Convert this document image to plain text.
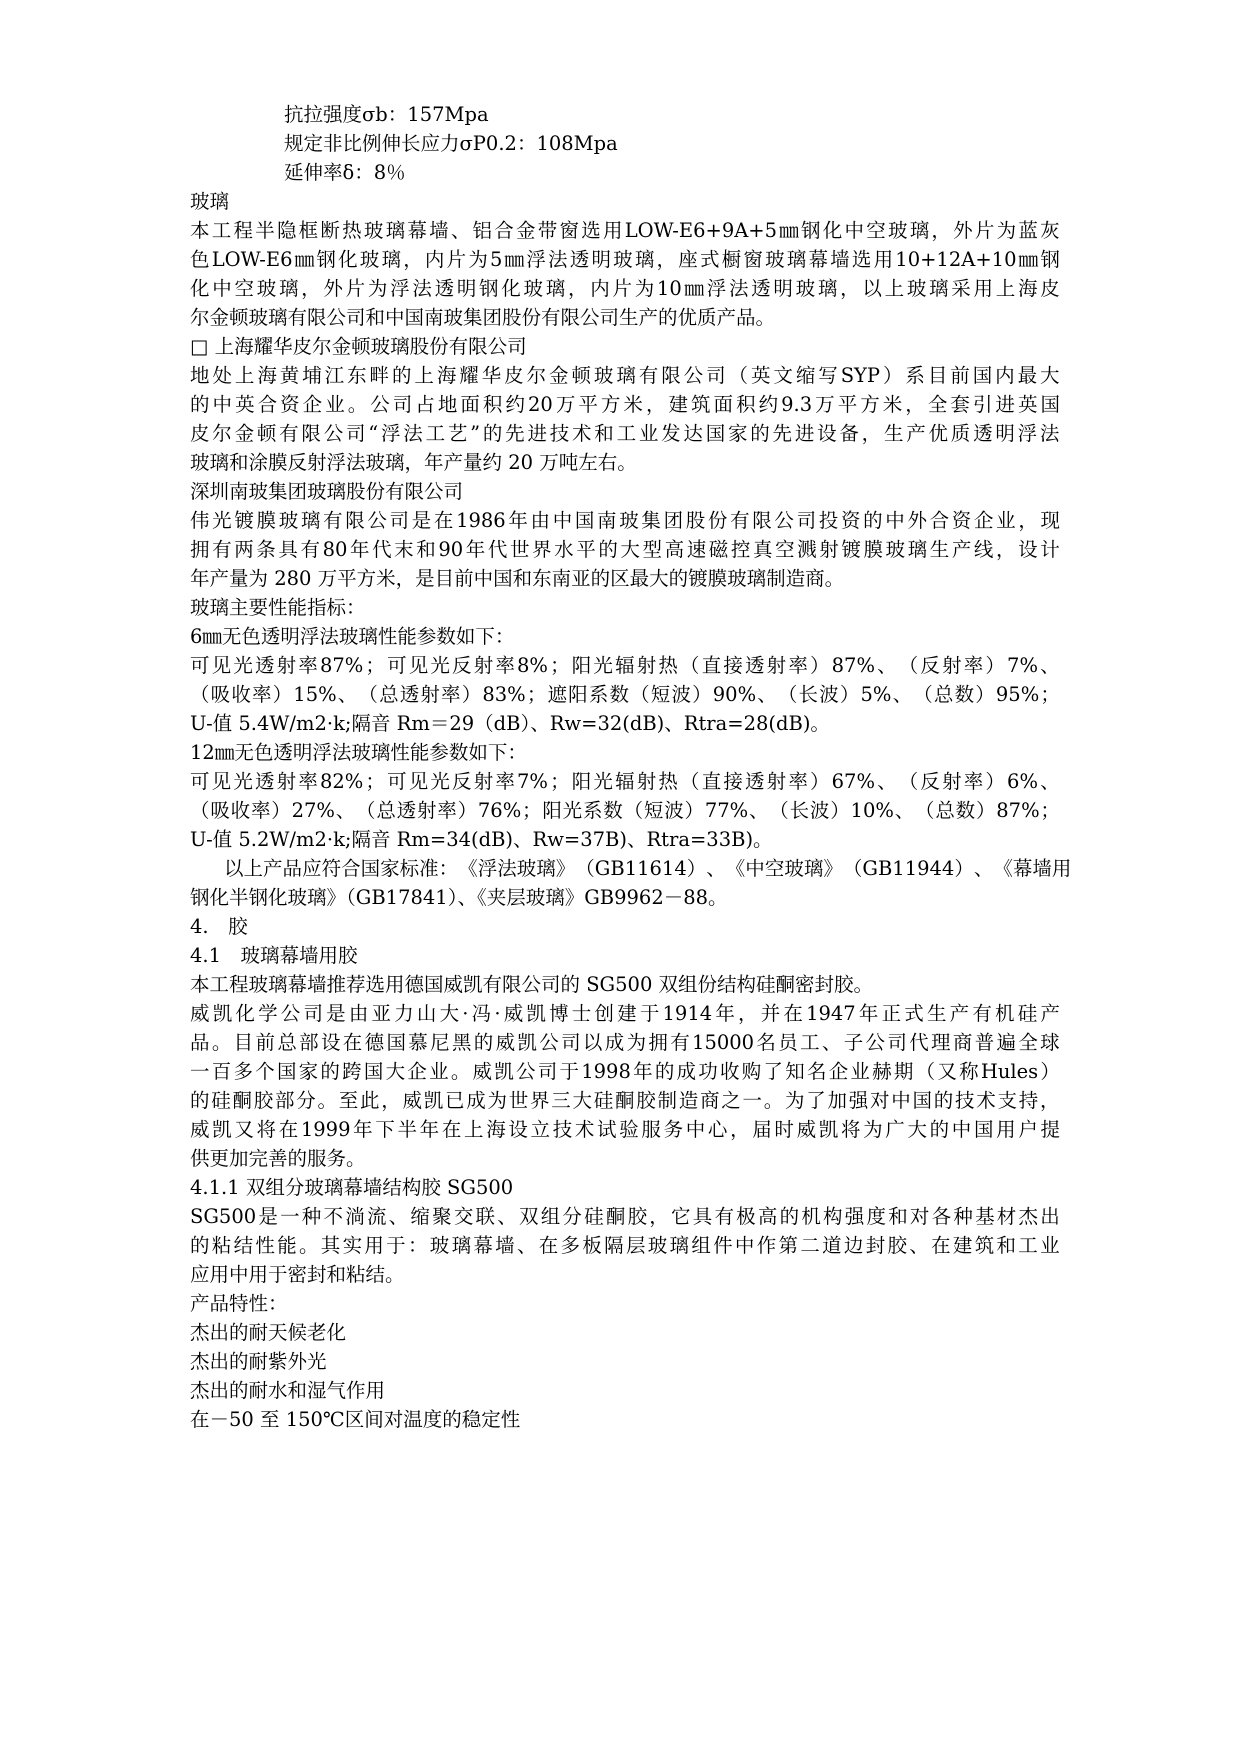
抗拉强度σb：157Mpa
规定非比例伸长应力σP0.2：108Mpa
延伸率δ：8％
玻璃
本 工 程 半 隐 框 断 热 玻 璃 幕 墙 、 铝 合 金 带 窗 选 用 LOW-E6+9A+5 ㎜ 钢 化 中 空 玻 璃 ， 外 片 为 蓝 灰
色 LOW-E6 ㎜ 钢 化 玻 璃 ， 内 片 为 5 ㎜ 浮 法 透 明 玻 璃 ， 座 式 橱 窗 玻 璃 幕 墙 选 用 10+12A+10 ㎜ 钢
化 中 空 玻 璃 ， 外 片 为 浮 法 透 明 钢 化 玻 璃 ， 内 片 为 10 ㎜ 浮 法 透 明 玻 璃 ， 以 上 玻 璃 采 用 上 海 皮
尔金顿玻璃有限公司和中国南玻集团股份有限公司生产的优质产品。
□ 上海耀华皮尔金顿玻璃股份有限公司
地 处 上 海 黄 埔 江 东 畔 的 上 海 耀 华 皮 尔 金 顿 玻 璃 有 限 公 司 （ 英 文 缩 写 SYP ） 系 目 前 国 内 最 大
的 中 英 合 资 企 业 。 公 司 占 地 面 积 约 20 万 平 方 米 ， 建 筑 面 积 约 9.3 万 平 方 米 ， 全 套 引 进 英 国
皮 尔 金 顿 有 限 公 司 “ 浮 法 工 艺 ” 的 先 进 技 术 和 工 业 发 达 国 家 的 先 进 设 备 ， 生 产 优 质 透 明 浮 法
玻璃和涂膜反射浮法玻璃，年产量约 20 万吨左右。
深圳南玻集团玻璃股份有限公司
伟 光 镀 膜 玻 璃 有 限 公 司 是 在 1986 年 由 中 国 南 玻 集 团 股 份 有 限 公 司 投 资 的 中 外 合 资 企 业 ， 现
拥 有 两 条 具 有 80 年 代 末 和 90 年 代 世 界 水 平 的 大 型 高 速 磁 控 真 空 溅 射 镀 膜 玻 璃 生 产 线 ， 设 计
年产量为 280 万平方米，是目前中国和东南亚的区最大的镀膜玻璃制造商。
玻璃主要性能指标：
6㎜无色透明浮法玻璃性能参数如下：
可 见 光 透 射 率 87% ； 可 见 光 反 射 率 8% ； 阳 光 辐 射 热 （ 直 接 透 射 率 ） 87% 、 （ 反 射 率 ） 7% 、
（ 吸 收 率 ） 15% 、 （ 总 透 射 率 ） 83% ； 遮 阳 系 数 （ 短 波 ） 90% 、 （ 长 波 ） 5% 、 （ 总 数 ） 95% ；
U-值 5.4W/m2·k;隔音 Rm＝29（dB）、Rw=32(dB)、Rtra=28(dB)。
12㎜无色透明浮法玻璃性能参数如下：
可 见 光 透 射 率 82% ； 可 见 光 反 射 率 7% ； 阳 光 辐 射 热 （ 直 接 透 射 率 ） 67% 、 （ 反 射 率 ） 6% 、
（ 吸 收 率 ） 27% 、 （ 总 透 射 率 ） 76% ； 阳 光 系 数 （ 短 波 ） 77% 、 （ 长 波 ） 10% 、 （ 总 数 ） 87% ；
U-值 5.2W/m2·k;隔音 Rm=34(dB)、Rw=37B)、Rtra=33B)。
以 上 产 品 应 符 合 国 家 标 准 ： 《 浮 法 玻 璃 》 （ GB11614 ） 、 《 中 空 玻 璃 》 （ GB11944 ） 、 《 幕 墙 用
钢化半钢化玻璃》（GB17841）、《夹层玻璃》GB9962－88。
4.　胶
4.1　玻璃幕墙用胶
本工程玻璃幕墙推荐选用德国威凯有限公司的 SG500 双组份结构硅酮密封胶。
威 凯 化 学 公 司 是 由 亚 力 山 大 · 冯 · 威 凯 博 士 创 建 于 1914 年 ， 并 在 1947 年 正 式 生 产 有 机 硅 产
品 。 目 前 总 部 设 在 德 国 慕 尼 黑 的 威 凯 公 司 以 成 为 拥 有 15000 名 员 工 、 子 公 司 代 理 商 普 遍 全 球
一 百 多 个 国 家 的 跨 国 大 企 业 。 威 凯 公 司 于 1998 年 的 成 功 收 购 了 知 名 企 业 赫 期 （ 又 称 Hules ）
的 硅 酮 胶 部 分 。 至 此 ， 威 凯 已 成 为 世 界 三 大 硅 酮 胶 制 造 商 之 一 。 为 了 加 强 对 中 国 的 技 术 支 持 ，
威 凯 又 将 在 1999 年 下 半 年 在 上 海 设 立 技 术 试 验 服 务 中 心 ， 届 时 威 凯 将 为 广 大 的 中 国 用 户 提
供更加完善的服务。
4.1.1 双组分玻璃幕墙结构胶 SG500
SG500 是 一 种 不 淌 流 、 缩 聚 交 联 、 双 组 分 硅 酮 胶 ， 它 具 有 极 高 的 机 构 强 度 和 对 各 种 基 材 杰 出
的 粘 结 性 能 。 其 实 用 于 ： 玻 璃 幕 墙 、 在 多 板 隔 层 玻 璃 组 件 中 作 第 二 道 边 封 胶 、 在 建 筑 和 工 业
应用中用于密封和粘结。
产品特性：
杰出的耐天候老化
杰出的耐紫外光
杰出的耐水和湿气作用
在－50 至 150℃区间对温度的稳定性
